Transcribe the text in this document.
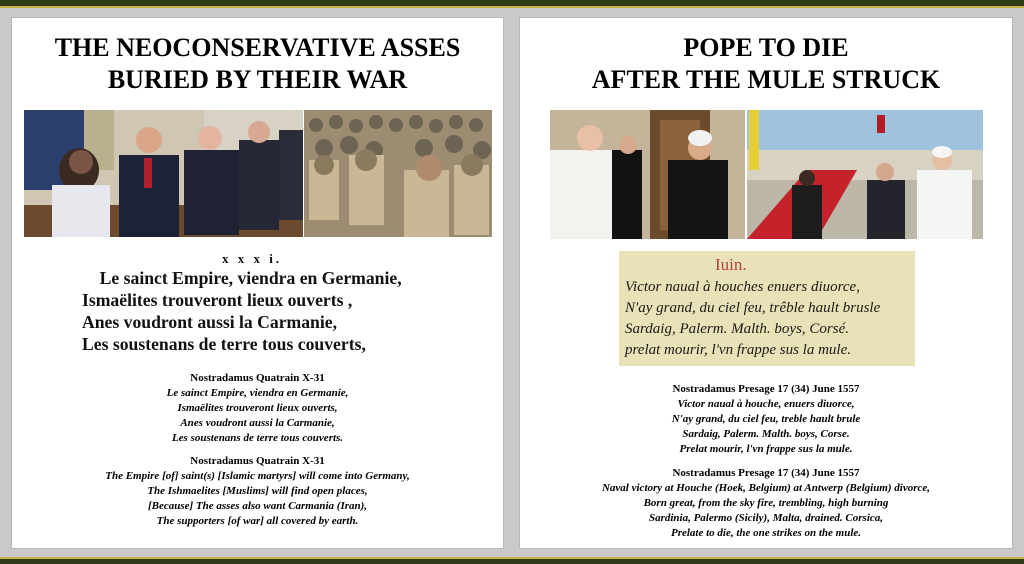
THE NEOCONSERVATIVE ASSES
BURIED BY THEIR WAR
x x x i.
Le sainct Empire, viendra en Germanie,
Ismaëlites trouveront lieux ouverts ,
Anes voudront aussi la Carmanie,
Les soustenans de terre tous couverts,
Nostradamus Quatrain X-31
Le sainct Empire, viendra en Germanie,
Ismaëlites trouveront lieux ouverts,
Anes voudront aussi la Carmanie,
Les soustenans de terre tous couverts.
Nostradamus Quatrain X-31
The Empire [of] saint(s) [Islamic martyrs] will come into Germany,
The Ishmaelites [Muslims] will find open places,
[Because] The asses also want Carmania (Iran),
The supporters [of war] all covered by earth.
POPE TO DIE
AFTER THE MULE STRUCK
Iuin.
Victor naual à houches enuers diuorce,
N'ay grand, du ciel feu, trêble hault brusle
Sardaig, Palerm. Malth. boys, Corsé.
prelat mourir, l'vn frappe sus la mule.
Nostradamus Presage 17 (34) June 1557
Victor naual à houche, enuers diuorce,
N'ay grand, du ciel feu, treble hault brule
Sardaig, Palerm. Malth. boys, Corse.
Prelat mourir, l'vn frappe sus la mule.
Nostradamus Presage 17 (34) June 1557
Naval victory at Houche (Hoek, Belgium) at Antwerp (Belgium) divorce,
Born great, from the sky fire, trembling, high burning
Sardinia, Palermo (Sicily), Malta, drained. Corsica,
Prelate to die, the one strikes on the mule.
